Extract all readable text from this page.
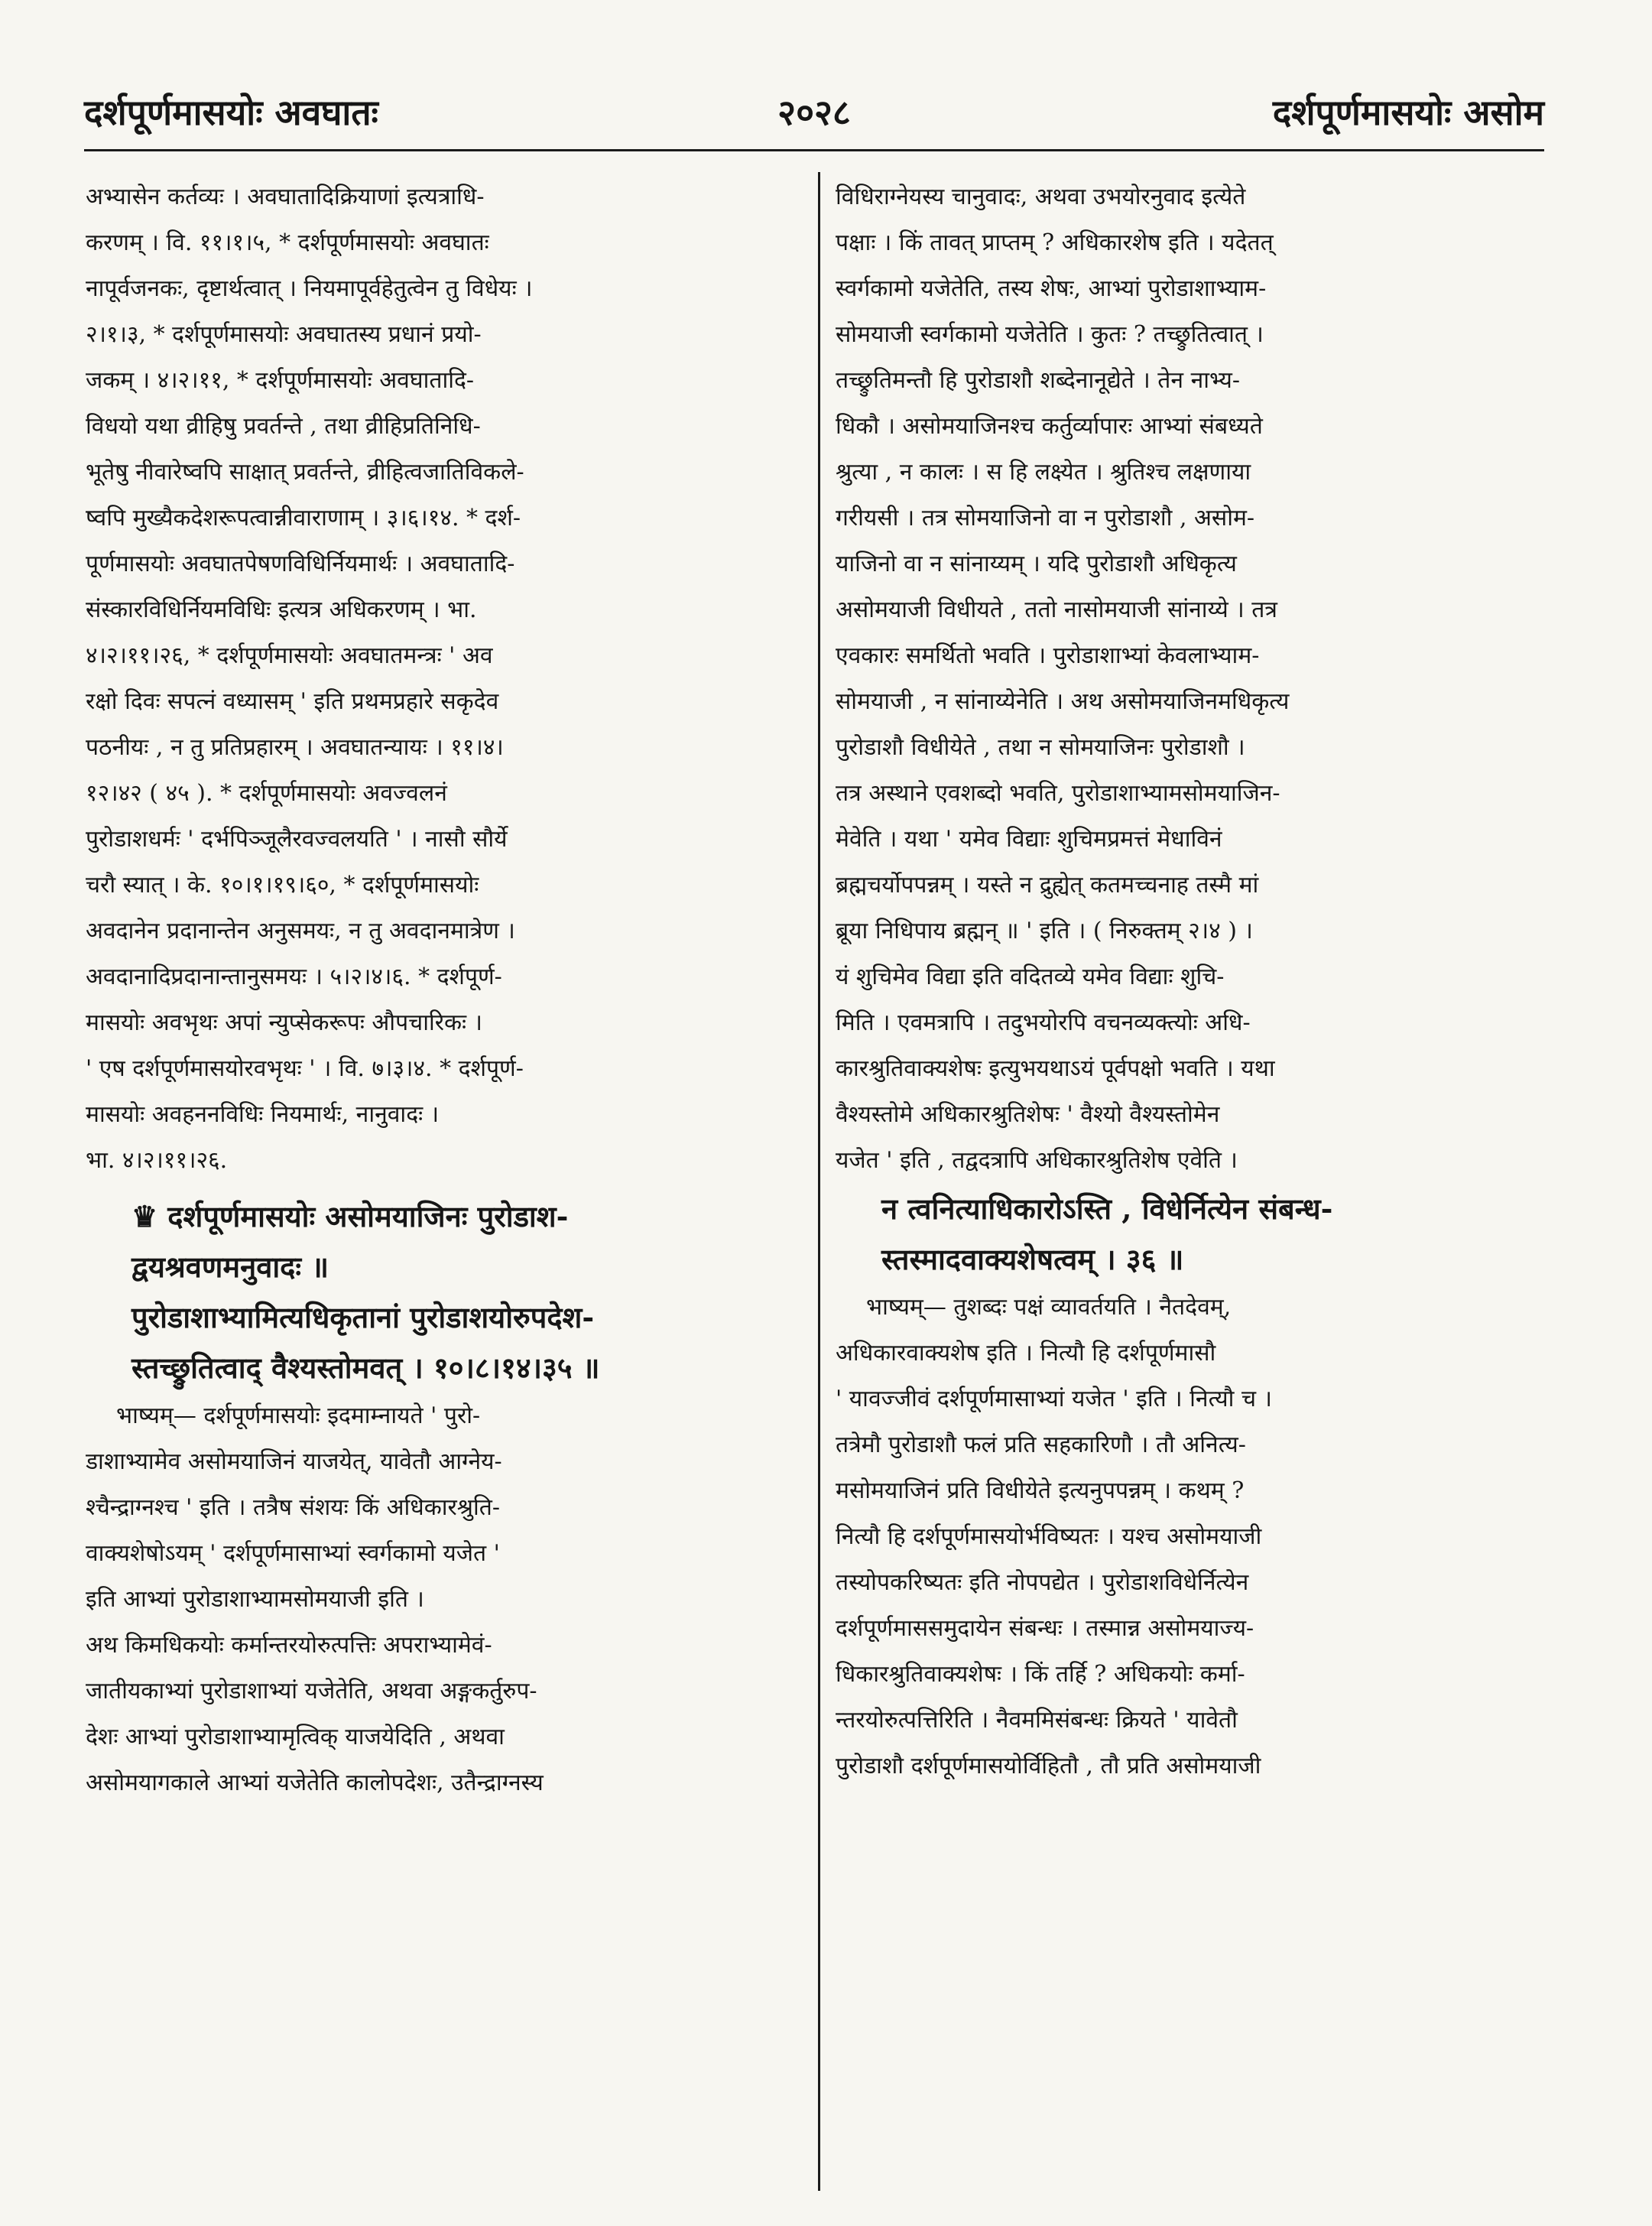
दर्शपूर्णमासयोः अवघातः	२०२८	दर्शपूर्णमासयोः असोम
अभ्यासेन कर्तव्यः । अवघातादिक्रियाणां इत्यत्राधि-
करणम् । वि. ११।१।५, * दर्शपूर्णमासयोः अवघातः
नापूर्वजनकः, दृष्टार्थत्वात् । नियमापूर्वहेतुत्वेन तु विधेयः ।
२।१।३, * दर्शपूर्णमासयोः अवघातस्य प्रधानं प्रयो-
जकम् । ४।२।११, * दर्शपूर्णमासयोः अवघातादि-
विधयो यथा व्रीहिषु प्रवर्तन्ते , तथा व्रीहिप्रतिनिधि-
भूतेषु नीवारेष्वपि साक्षात् प्रवर्तन्ते, व्रीहित्वजातिविकले-
ष्वपि मुख्यैकदेशरूपत्वान्नीवाराणाम् । ३।६।१४. * दर्श-
पूर्णमासयोः अवघातपेषणविधिर्नियमार्थः । अवघातादि-
संस्कारविधिर्नियमविधिः इत्यत्र अधिकरणम् । भा.
४।२।११।२६, * दर्शपूर्णमासयोः अवघातमन्त्रः ' अव
रक्षो दिवः सपत्नं वध्यासम् ' इति प्रथमप्रहारे सकृदेव
पठनीयः , न तु प्रतिप्रहारम् । अवघातन्यायः । ११।४।
१२।४२ ( ४५ ). * दर्शपूर्णमासयोः अवज्वलनं
पुरोडाशधर्मः ' दर्भपिञ्जूलैरवज्वलयति ' । नासौ सौर्ये
चरौ स्यात् । के. १०।१।१९।६०, * दर्शपूर्णमासयोः
अवदानेन प्रदानान्तेन अनुसमयः, न तु अवदानमात्रेण ।
अवदानादिप्रदानान्तानुसमयः । ५।२।४।६. * दर्शपूर्ण-
मासयोः अवभृथः अपां न्युप्सेकरूपः औपचारिकः ।
' एष दर्शपूर्णमासयोरवभृथः ' । वि. ७।३।४. * दर्शपूर्ण-
मासयोः अवहननविधिः नियमार्थः, नानुवादः ।
भा. ४।२।११।२६.
♛ दर्शपूर्णमासयोः असोमयाजिनः पुरोडाश-
द्वयश्रवणमनुवादः ॥
पुरोडाशाभ्यामित्यधिकृतानां पुरोडाशयोरुपदेश-
स्तच्छ्रुतित्वाद् वैश्यस्तोमवत् । १०।८।१४।३५ ॥
भाष्यम्— दर्शपूर्णमासयोः इदमाम्नायते ' पुरो-
डाशाभ्यामेव असोमयाजिनं याजयेत्, यावेतौ आग्नेय-
श्चैन्द्राग्नश्च ' इति । तत्रैष संशयः किं अधिकारश्रुति-
वाक्यशेषोऽयम् ' दर्शपूर्णमासाभ्यां स्वर्गकामो यजेत '
इति आभ्यां पुरोडाशाभ्यामसोमयाजी इति ।
अथ किमधिकयोः कर्मान्तरयोरुत्पत्तिः अपराभ्यामेवं-
जातीयकाभ्यां पुरोडाशाभ्यां यजेतेति, अथवा अङ्गकर्तुरुप-
देशः आभ्यां पुरोडाशाभ्यामृत्विक् याजयेदिति , अथवा
असोमयागकाले आभ्यां यजेतेति कालोपदेशः, उतैन्द्राग्नस्य
विधिराग्नेयस्य चानुवादः, अथवा उभयोरनुवाद इत्येते
पक्षाः । किं तावत् प्राप्तम् ? अधिकारशेष इति । यदेतत्
स्वर्गकामो यजेतेति, तस्य शेषः, आभ्यां पुरोडाशाभ्याम-
सोमयाजी स्वर्गकामो यजेतेति । कुतः ? तच्छ्रुतित्वात् ।
तच्छ्रुतिमन्तौ हि पुरोडाशौ शब्देनानूद्येते । तेन नाभ्य-
धिकौ । असोमयाजिनश्च कर्तुर्व्यापारः आभ्यां संबध्यते
श्रुत्या , न कालः । स हि लक्ष्येत । श्रुतिश्च लक्षणाया
गरीयसी । तत्र सोमयाजिनो वा न पुरोडाशौ , असोम-
याजिनो वा न सांनाय्यम् । यदि पुरोडाशौ अधिकृत्य
असोमयाजी विधीयते , ततो नासोमयाजी सांनाय्ये । तत्र
एवकारः समर्थितो भवति । पुरोडाशाभ्यां केवलाभ्याम-
सोमयाजी , न सांनाय्येनेति । अथ असोमयाजिनमधिकृत्य
पुरोडाशौ विधीयेते , तथा न सोमयाजिनः पुरोडाशौ ।
तत्र अस्थाने एवशब्दो भवति, पुरोडाशाभ्यामसोमयाजिन-
मेवेति । यथा ' यमेव विद्याः शुचिमप्रमत्तं मेधाविनं
ब्रह्मचर्योपपन्नम् । यस्ते न द्रुह्येत् कतमच्चनाह तस्मै मां
ब्रूया निधिपाय ब्रह्मन् ॥ ' इति । ( निरुक्तम् २।४ ) ।
यं शुचिमेव विद्या इति वदितव्ये यमेव विद्याः शुचि-
मिति । एवमत्रापि । तदुभयोरपि वचनव्यक्त्योः अधि-
कारश्रुतिवाक्यशेषः इत्युभयथाऽयं पूर्वपक्षो भवति । यथा
वैश्यस्तोमे अधिकारश्रुतिशेषः ' वैश्यो वैश्यस्तोमेन
यजेत ' इति , तद्वदत्रापि अधिकारश्रुतिशेष एवेति ।
न त्वनित्याधिकारोऽस्ति , विधेर्नित्येन संबन्ध-
स्तस्मादवाक्यशेषत्वम् । ३६ ॥
भाष्यम्— तुशब्दः पक्षं व्यावर्तयति । नैतदेवम्,
अधिकारवाक्यशेष इति । नित्यौ हि दर्शपूर्णमासौ
' यावज्जीवं दर्शपूर्णमासाभ्यां यजेत ' इति । नित्यौ च ।
तत्रेमौ पुरोडाशौ फलं प्रति सहकारिणौ । तौ अनित्य-
मसोमयाजिनं प्रति विधीयेते इत्यनुपपन्नम् । कथम् ?
नित्यौ हि दर्शपूर्णमासयोर्भविष्यतः । यश्च असोमयाजी
तस्योपकरिष्यतः इति नोपपद्येत । पुरोडाशविधेर्नित्येन
दर्शपूर्णमाससमुदायेन संबन्धः । तस्मान्न असोमयाज्य-
धिकारश्रुतिवाक्यशेषः । किं तर्हि ? अधिकयोः कर्मा-
न्तरयोरुत्पत्तिरिति । नैवममिसंबन्धः क्रियते ' यावेतौ
पुरोडाशौ दर्शपूर्णमासयोर्विहितौ , तौ प्रति असोमयाजी
